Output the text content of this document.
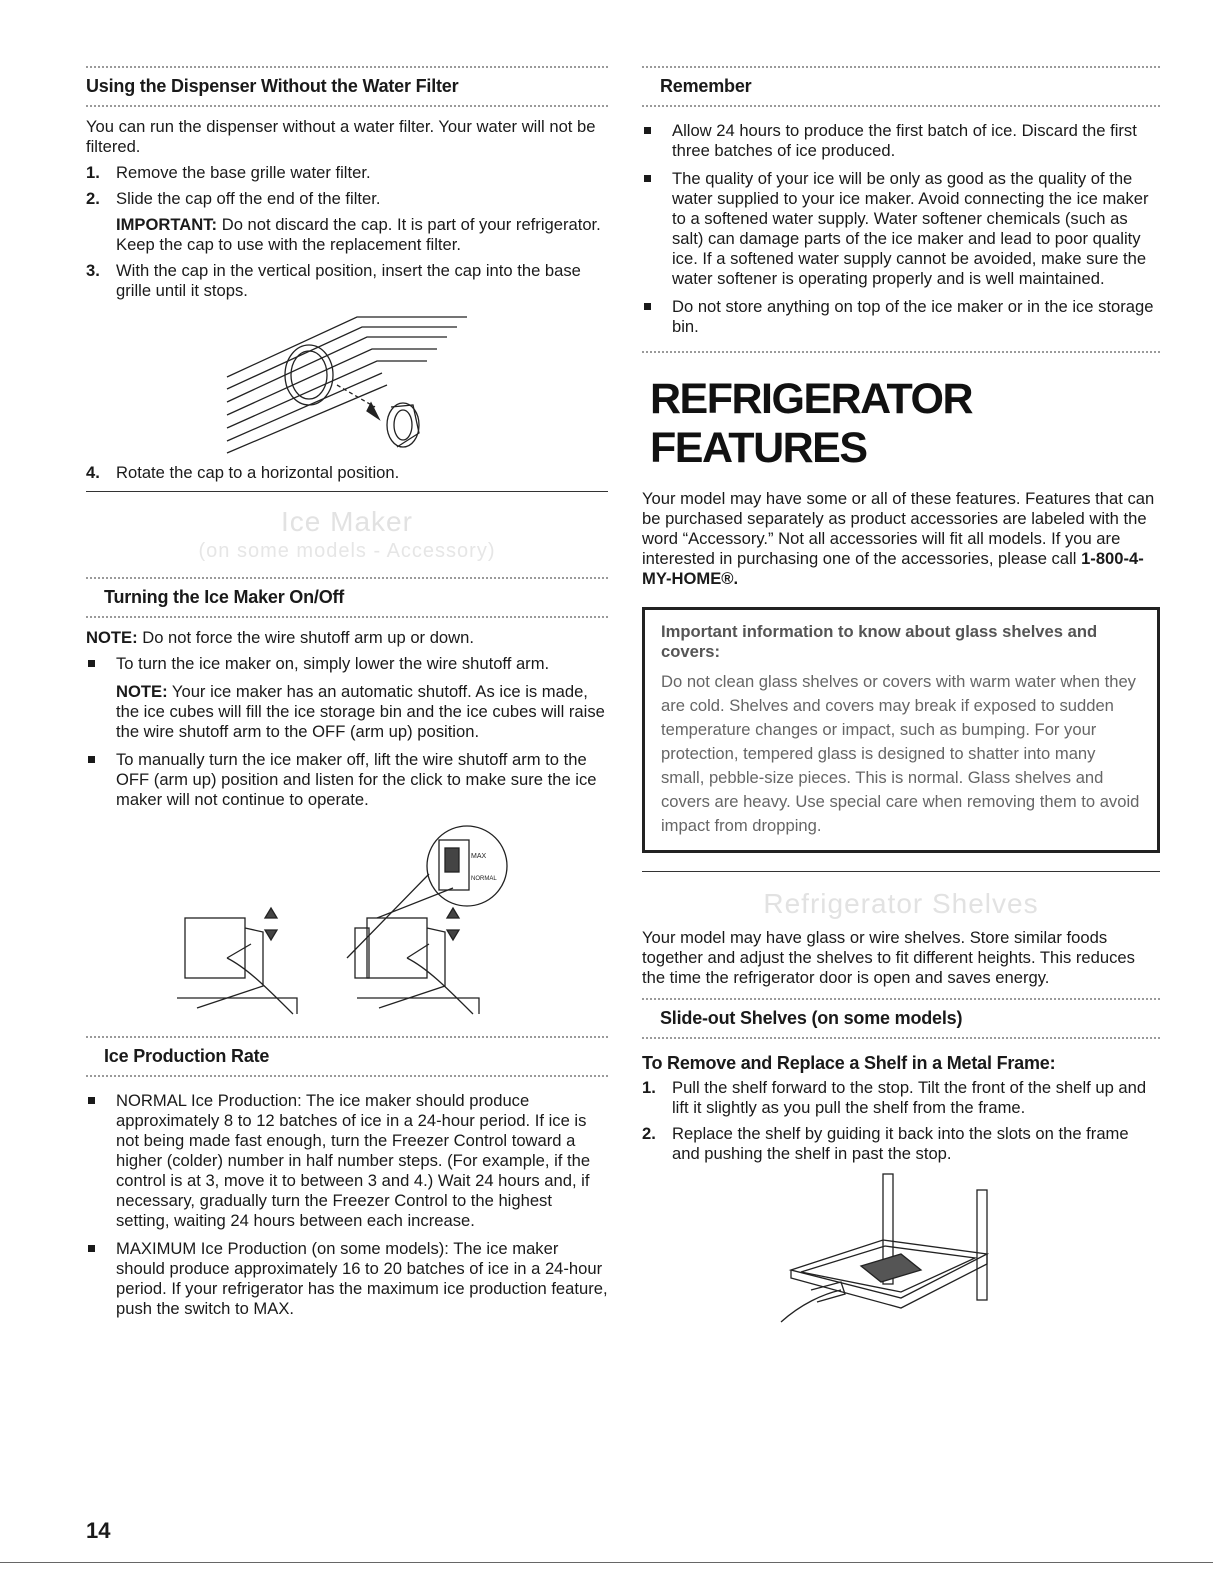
Using the Dispenser Without the Water Filter

You can run the dispenser without a water filter. Your water will not be filtered.

1. Remove the base grille water filter.
2. Slide the cap off the end of the filter.
IMPORTANT: Do not discard the cap. It is part of your refrigerator. Keep the cap to use with the replacement filter.
3. With the cap in the vertical position, insert the cap into the base grille until it stops.
4. Rotate the cap to a horizontal position.
Ice Maker
(on some models - Accessory)
Turning the Ice Maker On/Off

NOTE: Do not force the wire shutoff arm up or down.

To turn the ice maker on, simply lower the wire shutoff arm.
NOTE: Your ice maker has an automatic shutoff. As ice is made, the ice cubes will fill the ice storage bin and the ice cubes will raise the wire shutoff arm to the OFF (arm up) position.
To manually turn the ice maker off, lift the wire shutoff arm to the OFF (arm up) position and listen for the click to make sure the ice maker will not continue to operate.
MAX
NORMAL
Ice Production Rate
NORMAL Ice Production: The ice maker should produce approximately 8 to 12 batches of ice in a 24-hour period. If ice is not being made fast enough, turn the Freezer Control toward a higher (colder) number in half number steps. (For example, if the control is at 3, move it to between 3 and 4.) Wait 24 hours and, if necessary, gradually turn the Freezer Control to the highest setting, waiting 24 hours between each increase.
MAXIMUM Ice Production (on some models): The ice maker should produce approximately 16 to 20 batches of ice in a 24-hour period. If your refrigerator has the maximum ice production feature, push the switch to MAX.
Remember
Allow 24 hours to produce the first batch of ice. Discard the first three batches of ice produced.
The quality of your ice will be only as good as the quality of the water supplied to your ice maker. Avoid connecting the ice maker to a softened water supply. Water softener chemicals (such as salt) can damage parts of the ice maker and lead to poor quality ice. If a softened water supply cannot be avoided, make sure the water softener is operating properly and is well maintained.
Do not store anything on top of the ice maker or in the ice storage bin.
REFRIGERATOR FEATURES

Your model may have some or all of these features. Features that can be purchased separately as product accessories are labeled with the word “Accessory.” Not all accessories will fit all models. If you are interested in purchasing one of the accessories, please call 1-800-4-MY-HOME®.

Important information to know about glass shelves and covers:
Do not clean glass shelves or covers with warm water when they are cold. Shelves and covers may break if exposed to sudden temperature changes or impact, such as bumping. For your protection, tempered glass is designed to shatter into many small, pebble-size pieces. This is normal. Glass shelves and covers are heavy. Use special care when removing them to avoid impact from dropping.
Refrigerator Shelves

Your model may have glass or wire shelves. Store similar foods together and adjust the shelves to fit different heights. This reduces the time the refrigerator door is open and saves energy.

Slide-out Shelves (on some models)
To Remove and Replace a Shelf in a Metal Frame:
1. Pull the shelf forward to the stop. Tilt the front of the shelf up and lift it slightly as you pull the shelf from the frame.
2. Replace the shelf by guiding it back into the slots on the frame and pushing the shelf in past the stop.
14
